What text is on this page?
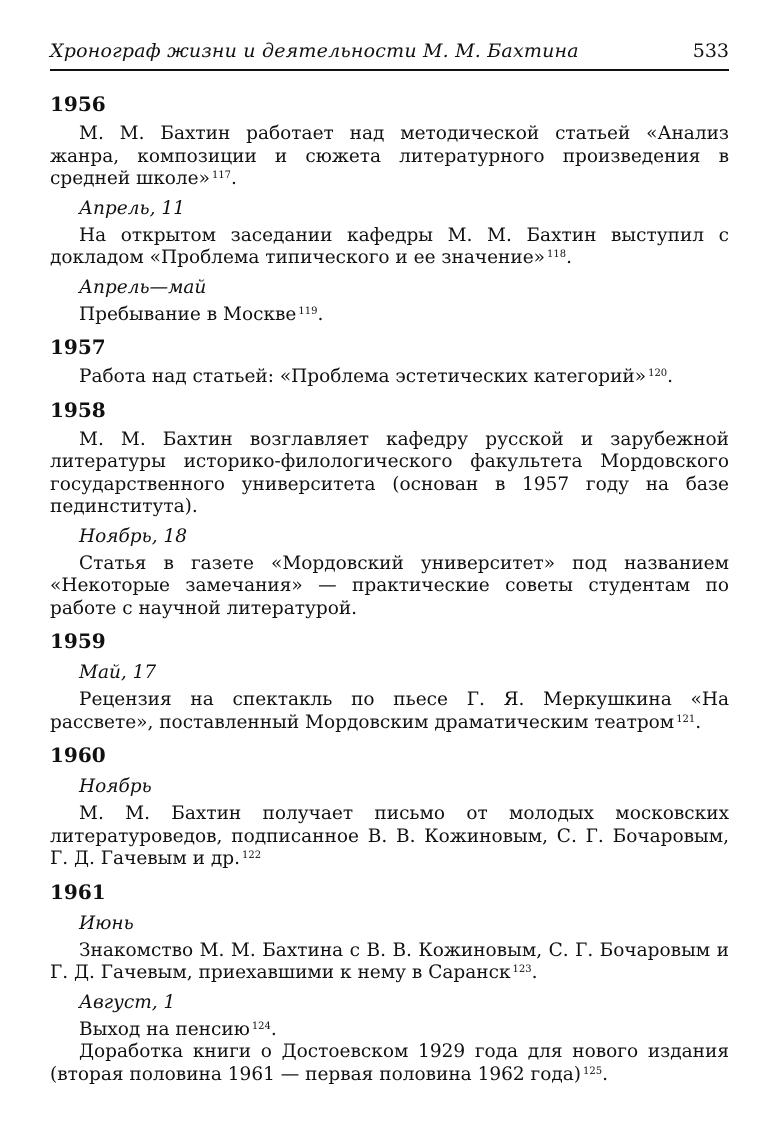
Хронограф жизни и деятельности М. М. Бахтина	533
1956

М. М. Бахтин работает над методической статьей «Анализ жанра, композиции и сюжета литературного произведения в средней школе» $^{117}$.

Апрель, 11

На открытом заседании кафедры М. М. Бахтин выступил с докладом «Проблема типического и ее значение» $^{118}$.

Апрель—май

Пребывание в Москве $^{119}$.

1957

Работа над статьей: «Проблема эстетических категорий» $^{120}$.

1958

М. М. Бахтин возглавляет кафедру русской и зарубежной литературы историко-филологического факультета Мордовского государственного университета (основан в 1957 году на базе пединститута).

Ноябрь, 18

Статья в газете «Мордовский университет» под названием «Некоторые замечания» — практические советы студентам по работе с научной литературой.

1959
Май, 17

Рецензия на спектакль по пьесе Г. Я. Меркушкина «На рассвете», поставленный Мордовским драматическим театром $^{121}$.

1960
Ноябрь

М. М. Бахтин получает письмо от молодых московских литературоведов, подписанное В. В. Кожиновым, С. Г. Бочаровым, Г. Д. Гачевым и др. $^{122}$

1961
Июнь

Знакомство М. М. Бахтина с В. В. Кожиновым, С. Г. Бочаровым и Г. Д. Гачевым, приехавшими к нему в Саранск $^{123}$.

Август, 1

Выход на пенсию $^{124}$.

Доработка книги о Достоевском 1929 года для нового издания (вторая половина 1961 — первая половина 1962 года) $^{125}$.
